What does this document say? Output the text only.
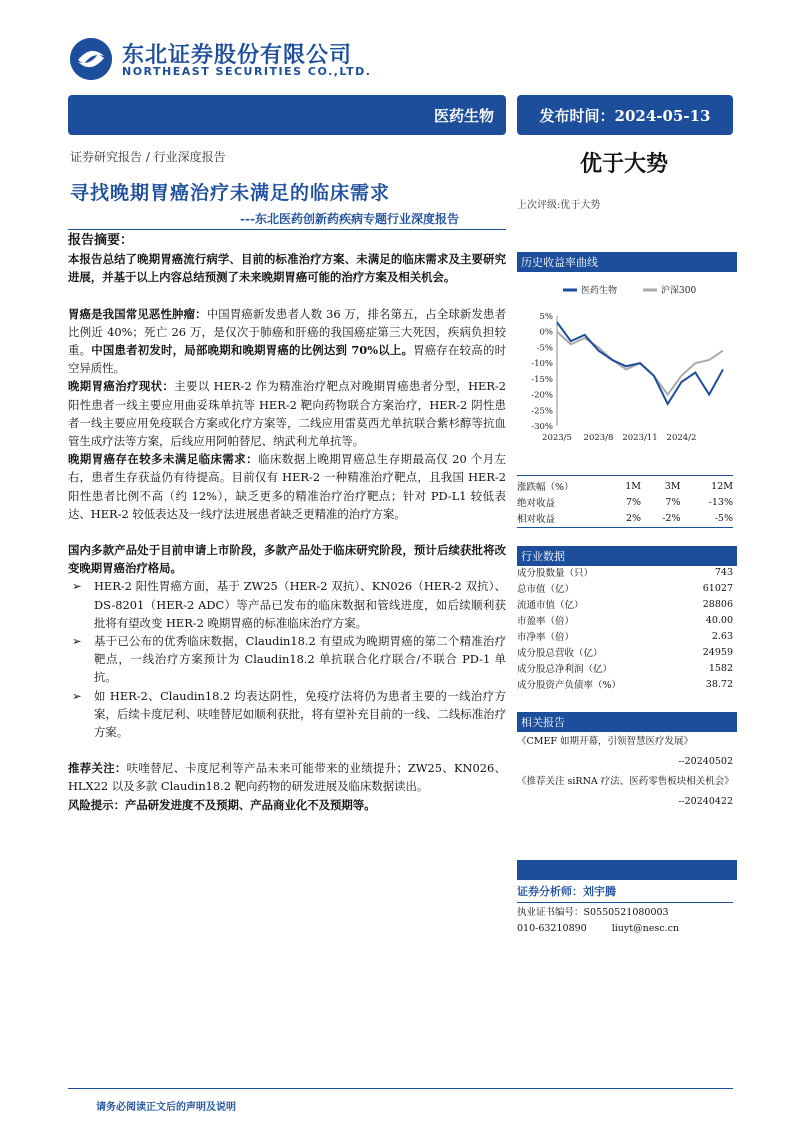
东北证券股份有限公司
NORTHEAST SECURITIES CO.,LTD.
医药生物	发布时间：2024-05-13
证券研究报告 / 行业深度报告	优于大势
寻找晚期胃癌治疗未满足的临床需求
---东北医药创新药疾病专题行业深度报告
上次评级:优于大势

报告摘要：

本报告总结了晚期胃癌流行病学、目前的标准治疗方案、未满足的临床需求及主要研究进展，并基于以上内容总结预测了未来晚期胃癌可能的治疗方案及相关机会。

胃癌是我国常见恶性肿瘤：中国胃癌新发患者人数 36 万，排名第五，占全球新发患者比例近 40%；死亡 26 万，是仅次于肺癌和肝癌的我国癌症第三大死因，疾病负担较重。中国患者初发时，局部晚期和晚期胃癌的比例达到 70%以上。胃癌存在较高的时空异质性。

晚期胃癌治疗现状：主要以 HER-2 作为精准治疗靶点对晚期胃癌患者分型，HER-2 阳性患者一线主要应用曲妥珠单抗等 HER-2 靶向药物联合方案治疗，HER-2 阴性患者一线主要应用免疫联合方案或化疗方案等，二线应用雷莫西尤单抗联合紫杉醇等抗血管生成疗法等方案，后线应用阿帕替尼、纳武利尤单抗等。

晚期胃癌存在较多未满足临床需求：临床数据上晚期胃癌总生存期最高仅 20 个月左右，患者生存获益仍有待提高。目前仅有 HER-2 一种精准治疗靶点，且我国 HER-2 阳性患者比例不高（约 12%），缺乏更多的精准治疗治疗靶点；针对 PD-L1 较低表达、HER-2 较低表达及一线疗法进展患者缺乏更精准的治疗方案。

国内多款产品处于目前申请上市阶段，多款产品处于临床研究阶段，预计后续获批将改变晚期胃癌治疗格局。

➢ HER-2 阳性胃癌方面，基于 ZW25（HER-2 双抗）、KN026（HER-2 双抗）、DS-8201（HER-2 ADC）等产品已发布的临床数据和管线进度，如后续顺利获批将有望改变 HER-2 晚期胃癌的标准临床治疗方案。

➢ 基于已公布的优秀临床数据，Claudin18.2 有望成为晚期胃癌的第二个精准治疗靶点，一线治疗方案预计为 Claudin18.2 单抗联合化疗联合/不联合 PD-1 单抗。

➢ 如 HER-2、Claudin18.2 均表达阴性，免疫疗法将仍为患者主要的一线治疗方案，后续卡度尼利、呋喹替尼如顺利获批，将有望补充目前的一线、二线标准治疗方案。

推荐关注：呋喹替尼、卡度尼利等产品未来可能带来的业绩提升；ZW25、KN026、HLX22 以及多款 Claudin18.2 靶向药物的研发进展及临床数据读出。

风险提示：产品研发进度不及预期、产品商业化不及预期等。

历史收益率曲线
医药生物	沪深300
5%
0%
-5%
-10%
-15%
-20%
-25%
-30%
2023/5 2023/8 2023/11 2024/2
涨跌幅（%）	1M	3M	12M
绝对收益	7%	7%	-13%
相对收益	2%	-2%	-5%
行业数据
成分股数量（只）	743
总市值（亿）	61027
流通市值（亿）	28806
市盈率（倍）	40.00
市净率（倍）	2.63
成分股总营收（亿）	24959
成分股总净利润（亿）	1582
成分股资产负债率（%）	38.72
相关报告
《CMEF 如期开幕，引领智慧医疗发展》
--20240502
《推荐关注 siRNA 疗法、医药零售板块相关机会》
--20240422
证券分析师：刘宇腾
执业证书编号：S0550521080003
010-63210890	liuyt@nesc.cn
请务必阅读正文后的声明及说明
